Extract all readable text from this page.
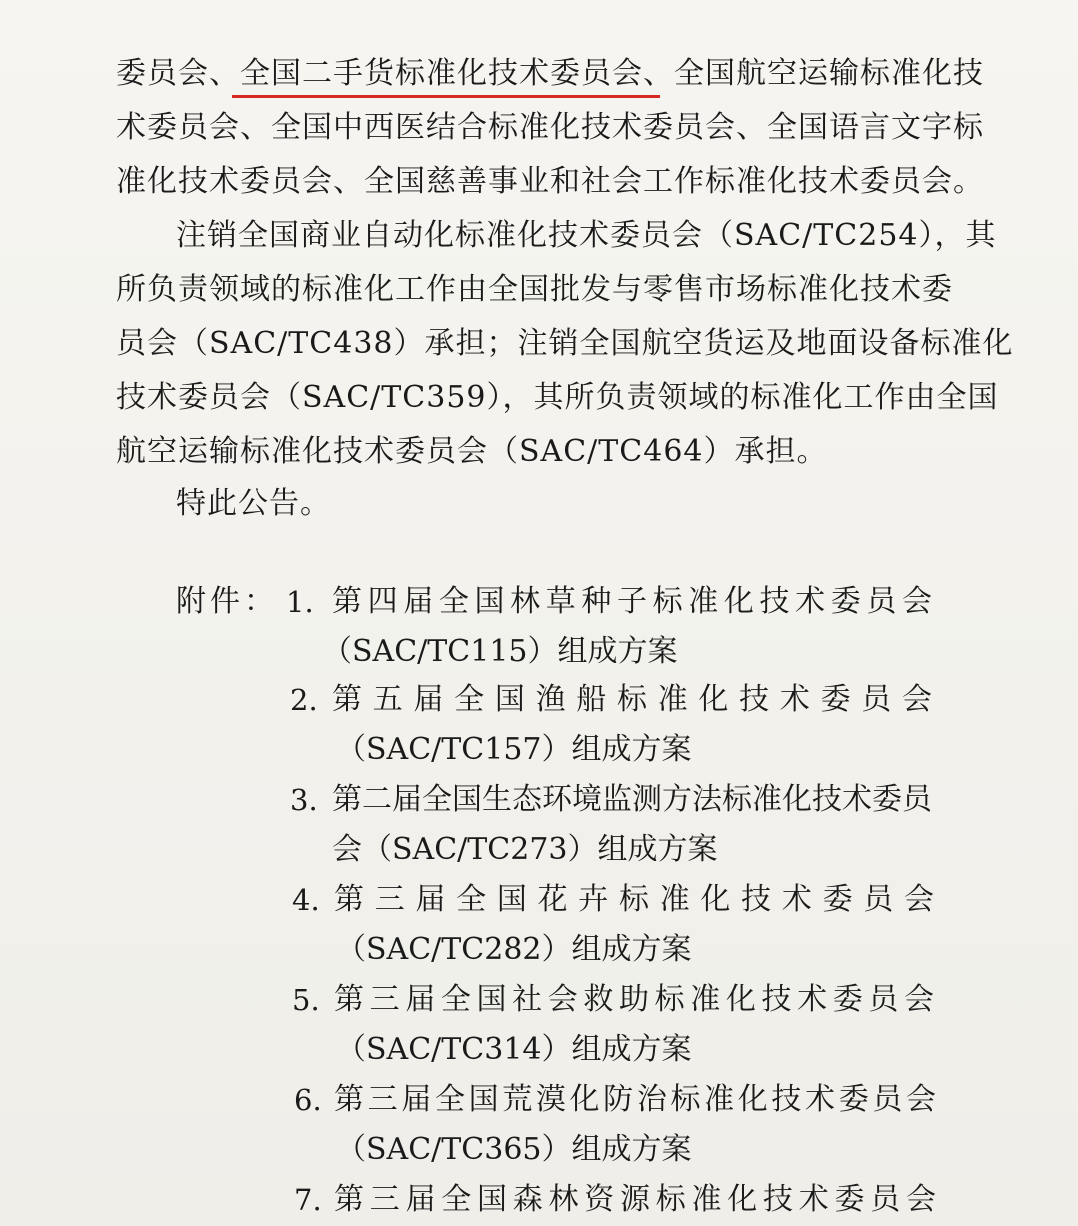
委员会、全国二手货标准化技术委员会、全国航空运输标准化技
术委员会、全国中西医结合标准化技术委员会、全国语言文字标
准化技术委员会、全国慈善事业和社会工作标准化技术委员会。
注销全国商业自动化标准化技术委员会（SAC/TC254），其
所负责领域的标准化工作由全国批发与零售市场标准化技术委
员会（SAC/TC438）承担；注销全国航空货运及地面设备标准化
技术委员会（SAC/TC359），其所负责领域的标准化工作由全国
航空运输标准化技术委员会（SAC/TC464）承担。
特此公告。
附件： 1. 第四届全国林草种子标准化技术委员会
（SAC/TC115）组成方案
2. 第五届全国渔船标准化技术委员会
（SAC/TC157）组成方案
3. 第二届全国生态环境监测方法标准化技术委员
会（SAC/TC273）组成方案
4. 第三届全国花卉标准化技术委员会
（SAC/TC282）组成方案
5. 第三届全国社会救助标准化技术委员会
（SAC/TC314）组成方案
6. 第三届全国荒漠化防治标准化技术委员会
（SAC/TC365）组成方案
7. 第三届全国森林资源标准化技术委员会
